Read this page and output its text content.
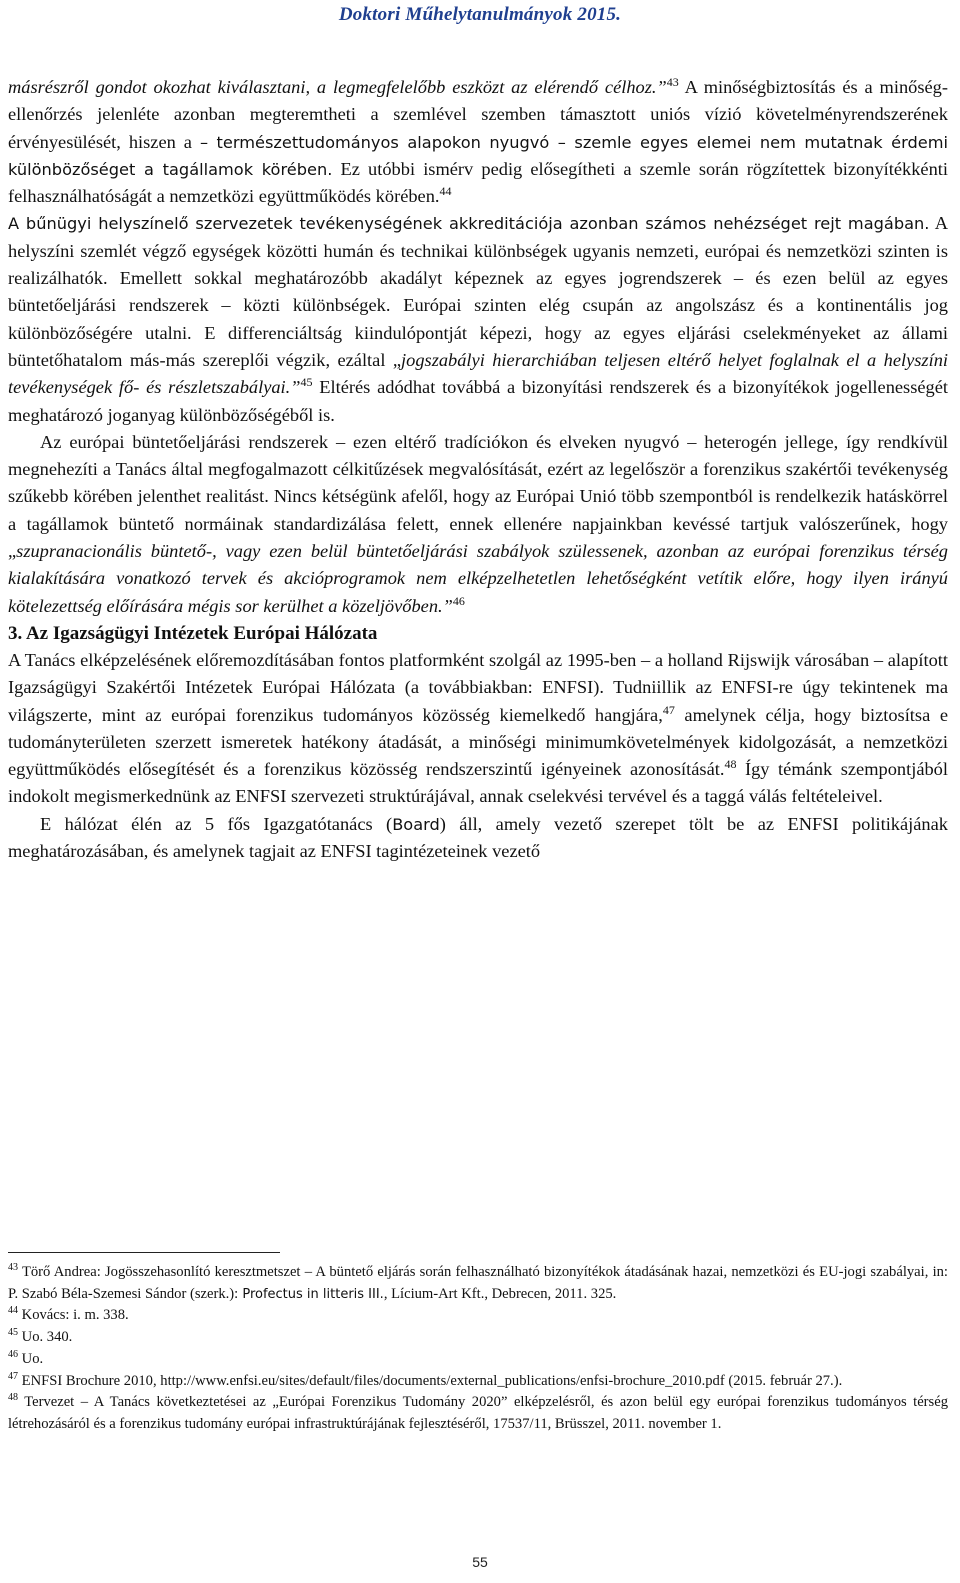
Doktori Műhelytanulmányok 2015.

másrészről gondot okozhat kiválasztani, a legmegfelelőbb eszközt az elérendő célhoz.”$^{43}$ A minőségbiztosítás és a minőség-ellenőrzés jelenléte azonban megteremtheti a szemlével szemben támasztott uniós vízió követelményrendszerének érvényesülését, hiszen a – természettudományos alapokon nyugvó – szemle egyes elemei nem mutatnak érdemi különbözőséget a tagállamok körében. Ez utóbbi ismérv pedig elősegítheti a szemle során rögzítettek bizonyítékkénti felhasználhatóságát a nemzetközi együttműködés körében.$^{44}$

A bűnügyi helyszínelő szervezetek tevékenységének akkreditációja azonban számos nehézséget rejt magában. A helyszíni szemlét végző egységek közötti humán és technikai különbségek ugyanis nemzeti, európai és nemzetközi szinten is realizálhatók. Emellett sokkal meghatározóbb akadályt képeznek az egyes jogrendszerek – és ezen belül az egyes büntetőeljárási rendszerek – közti különbségek. Európai szinten elég csupán az angolszász és a kontinentális jog különbözőségére utalni. E differenciáltság kiindulópontját képezi, hogy az egyes eljárási cselekményeket az állami büntetőhatalom más-más szereplői végzik, ezáltal „jogszabályi hierarchiában teljesen eltérő helyet foglalnak el a helyszíni tevékenységek fő- és részletszabályai.”$^{45}$ Eltérés adódhat továbbá a bizonyítási rendszerek és a bizonyítékok jogellenességét meghatározó joganyag különbözőségéből is.

Az európai büntetőeljárási rendszerek – ezen eltérő tradíciókon és elveken nyugvó – heterogén jellege, így rendkívül megnehezíti a Tanács által megfogalmazott célkitűzések megvalósítását, ezért az legelőször a forenzikus szakértői tevékenység szűkebb körében jelenthet realitást. Nincs kétségünk afelől, hogy az Európai Unió több szempontból is rendelkezik hatáskörrel a tagállamok büntető normáinak standardizálása felett, ennek ellenére napjainkban kevéssé tartjuk valószerűnek, hogy „szupranacionális büntető-, vagy ezen belül büntetőeljárási szabályok szülessenek, azonban az európai forenzikus térség kialakítására vonatkozó tervek és akcióprogramok nem elképzelhetetlen lehetőségként vetítik előre, hogy ilyen irányú kötelezettség előírására mégis sor kerülhet a közeljövőben.”$^{46}$

3. Az Igazságügyi Intézetek Európai Hálózata

A Tanács elképzelésének előremozdításában fontos platformként szolgál az 1995-ben – a holland Rijswijk városában – alapított Igazságügyi Szakértői Intézetek Európai Hálózata (a továbbiakban: ENFSI). Tudniillik az ENFSI-re úgy tekintenek ma világszerte, mint az európai forenzikus tudományos közösség kiemelkedő hangjára,$^{47}$ amelynek célja, hogy biztosítsa e tudományterületen szerzett ismeretek hatékony átadását, a minőségi minimumkövetelmények kidolgozását, a nemzetközi együttműködés elősegítését és a forenzikus közösség rendszerszintű igényeinek azonosítását.$^{48}$ Így témánk szempontjából indokolt megismerkednünk az ENFSI szervezeti struktúrájával, annak cselekvési tervével és a taggá válás feltételeivel.

E hálózat élén az 5 fős Igazgatótanács (Board) áll, amely vezető szerepet tölt be az ENFSI politikájának meghatározásában, és amelynek tagjait az ENFSI tagintézeteinek vezető

$^{43}$ Törő Andrea: Jogösszehasonlító keresztmetszet – A büntető eljárás során felhasználható bizonyítékok átadásának hazai, nemzetközi és EU-jogi szabályai, in: P. Szabó Béla-Szemesi Sándor (szerk.): Profectus in litteris III., Lícium-Art Kft., Debrecen, 2011. 325.

$^{44}$ Kovács: i. m. 338.

$^{45}$ Uo. 340.

$^{46}$ Uo.

$^{47}$ ENFSI Brochure 2010, http://www.enfsi.eu/sites/default/files/documents/external_publications/enfsi-brochure_2010.pdf (2015. február 27.).

$^{48}$ Tervezet – A Tanács következtetései az „Európai Forenzikus Tudomány 2020” elképzelésről, és azon belül egy európai forenzikus tudományos térség létrehozásáról és a forenzikus tudomány európai infrastruktúrájának fejlesztéséről, 17537/11, Brüsszel, 2011. november 1.

55
